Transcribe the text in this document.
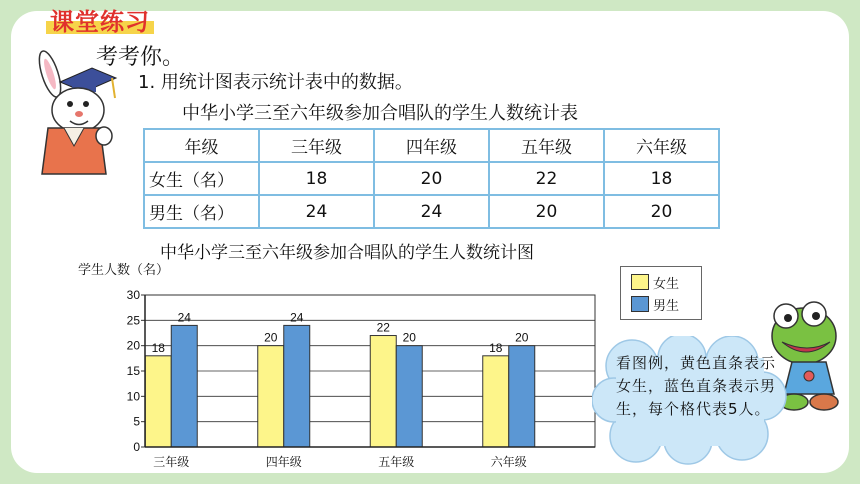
课堂练习
考考你。
1. 用统计图表示统计表中的数据。
中华小学三至六年级参加合唱队的学生人数统计表
年级	三年级	四年级	五年级	六年级
女生（名）	18	20	22	18
男生（名）	24	24	20	20
中华小学三至六年级参加合唱队的学生人数统计图
学生人数（名）
0
5
10
15
20
25
30
18
24
三年级
20
24
四年级
22
20
五年级
18
20
六年级
女生
男生
看图例，黄色直条表示女生，蓝色直条表示男生，每个格代表5人。
